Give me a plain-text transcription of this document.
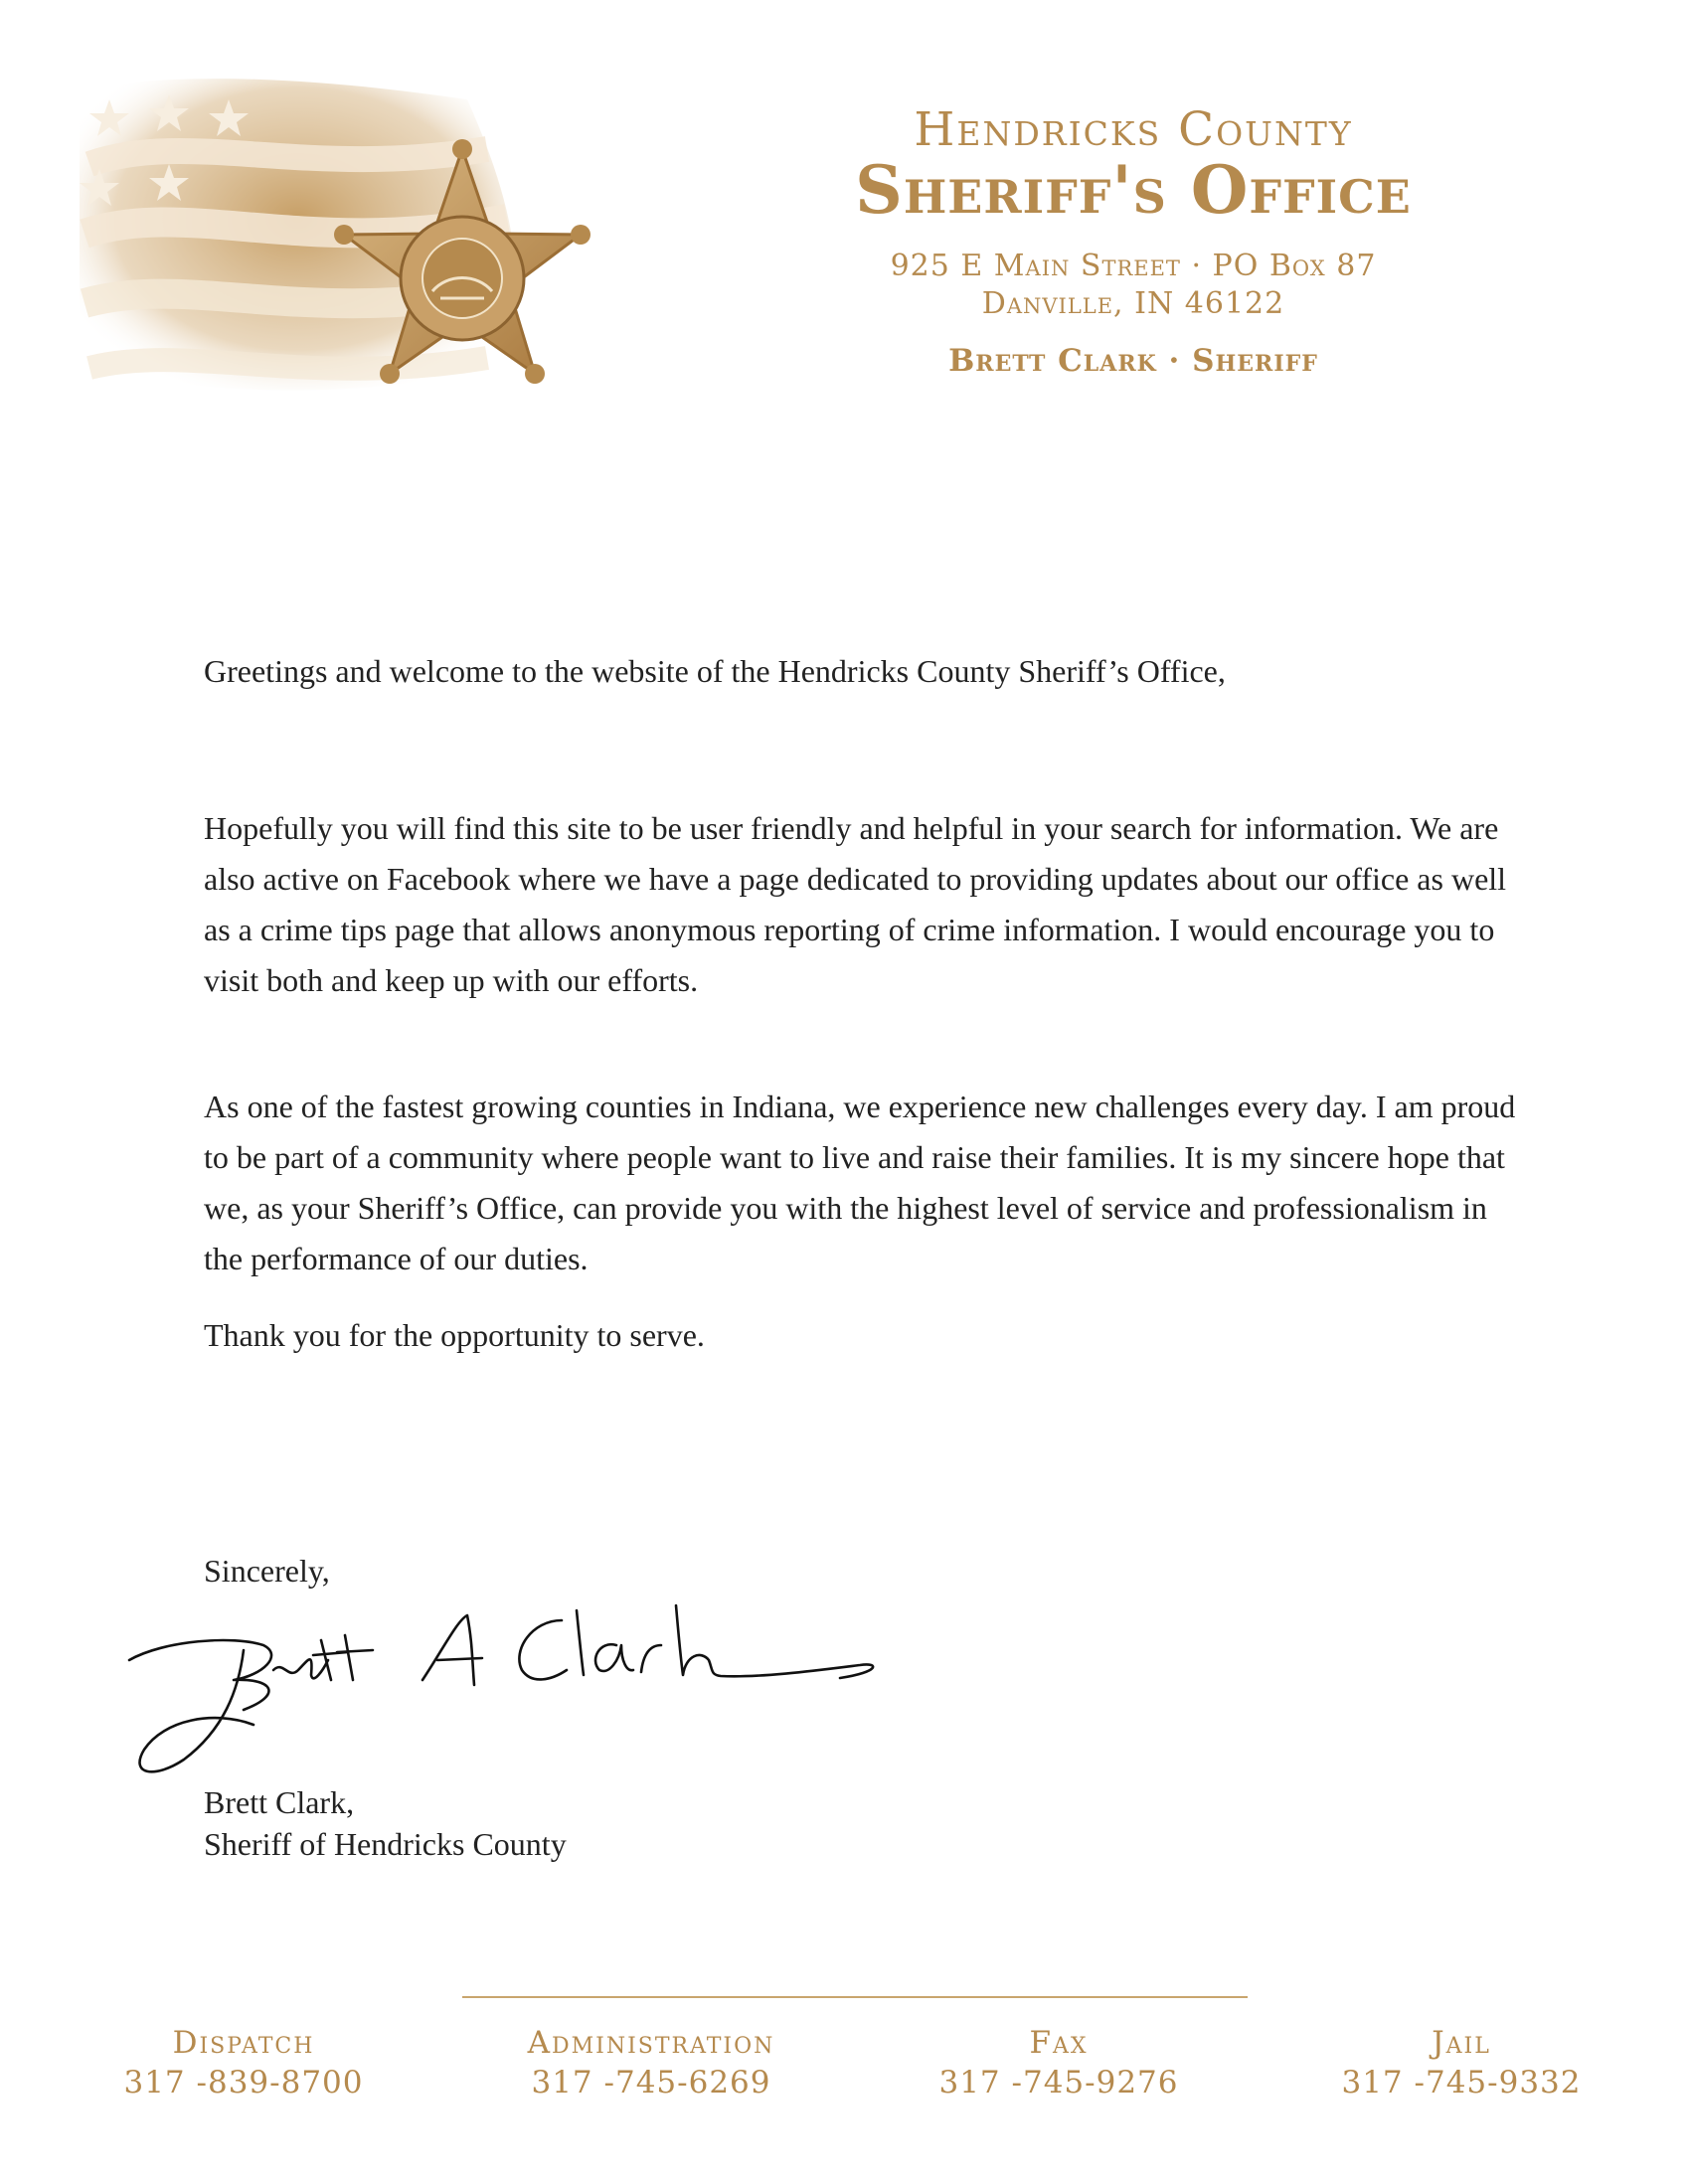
Hendricks County
Sheriff's Office
925 E Main Street · PO Box 87
Danville, IN 46122
Brett Clark · Sheriff

Greetings and welcome to the website of the Hendricks County Sheriff’s Office,

Hopefully you will find this site to be user friendly and helpful in your search for information. We are also active on Facebook where we have a page dedicated to providing updates about our office as well as a crime tips page that allows anonymous reporting of crime information. I would encourage you to visit both and keep up with our efforts.

As one of the fastest growing counties in Indiana, we experience new challenges every day. I am proud to be part of a community where people want to live and raise their families. It is my sincere hope that we, as your Sheriff’s Office, can provide you with the highest level of service and professionalism in the performance of our duties.

Thank you for the opportunity to serve.

Sincerely,

Brett Clark,

Sheriff of Hendricks County

Dispatch
317 -839-8700
Administration
317 -745-6269
Fax
317 -745-9276
Jail
317 -745-9332
